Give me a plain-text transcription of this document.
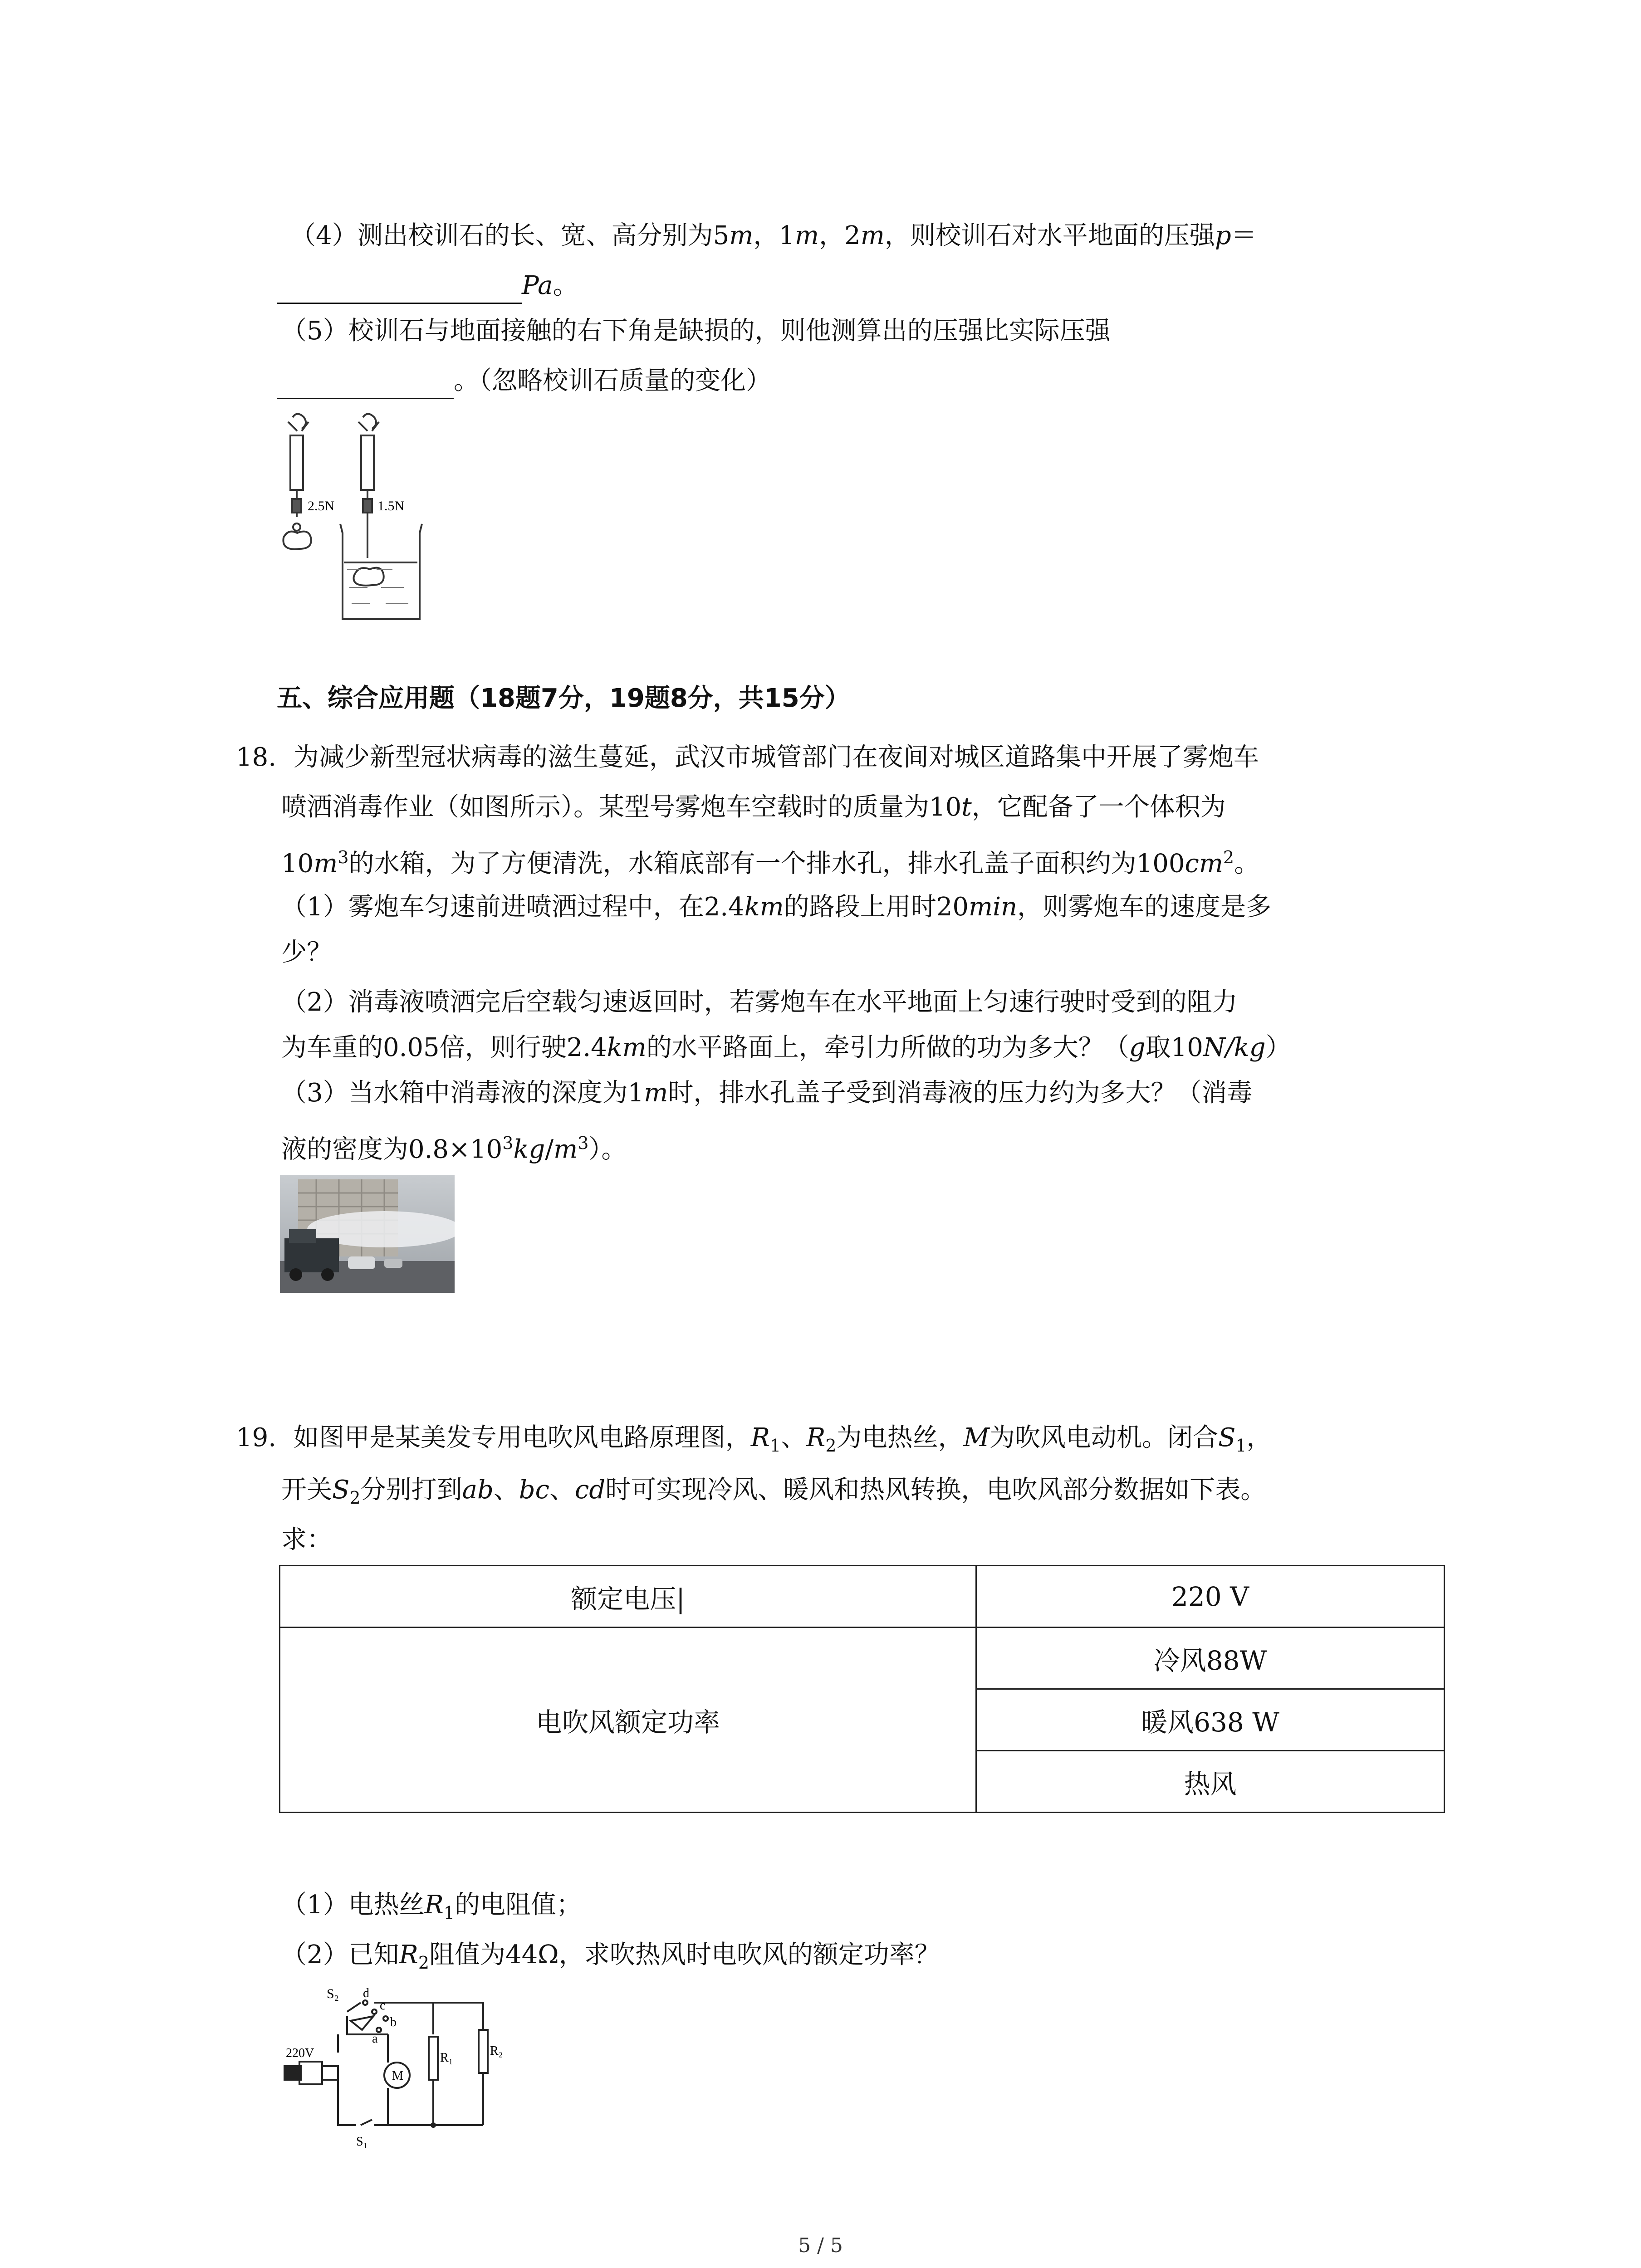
（4）测出校训石的长、宽、高分别为5m，1m，2m，则校训石对水平地面的压强p＝
Pa。
（5）校训石与地面接触的右下角是缺损的，则他测算出的压强比实际压强
。（忽略校训石质量的变化）
2.5N	1.5N
五、综合应用题（18题7分，19题8分，共15分）
18. 为减少新型冠状病毒的滋生蔓延，武汉市城管部门在夜间对城区道路集中开展了雾炮车
喷洒消毒作业（如图所示）。某型号雾炮车空载时的质量为10t，它配备了一个体积为
$10m^3$的水箱，为了方便清洗，水箱底部有一个排水孔，排水孔盖子面积约为$100cm^2$。
（1）雾炮车匀速前进喷洒过程中，在2.4km的路段上用时20min，则雾炮车的速度是多
少？
（2）消毒液喷洒完后空载匀速返回时，若雾炮车在水平地面上匀速行驶时受到的阻力
为车重的0.05倍，则行驶2.4km的水平路面上，牵引力所做的功为多大？（g取10N/kg）
（3）当水箱中消毒液的深度为1m时，排水孔盖子受到消毒液的压力约为多大？（消毒
液的密度为$0.8\times 10^3kg/m^3$）。
19. 如图甲是某美发专用电吹风电路原理图，$R_1$、$R_2$为电热丝，M为吹风电动机。闭合$S_1$，
开关$S_2$分别打到ab、bc、cd时可实现冷风、暖风和热风转换，电吹风部分数据如下表。
求：
额定电压|	220 V
电吹风额定功率	冷风88W
	暖风638 W
	热风
（1）电热丝$R_1$的电阻值；
（2）已知$R_2$阻值为44Ω，求吹热风时电吹风的额定功率？
S₂ d
c
b
a
220V
M
R₁	R₂
S₁
5 / 5
